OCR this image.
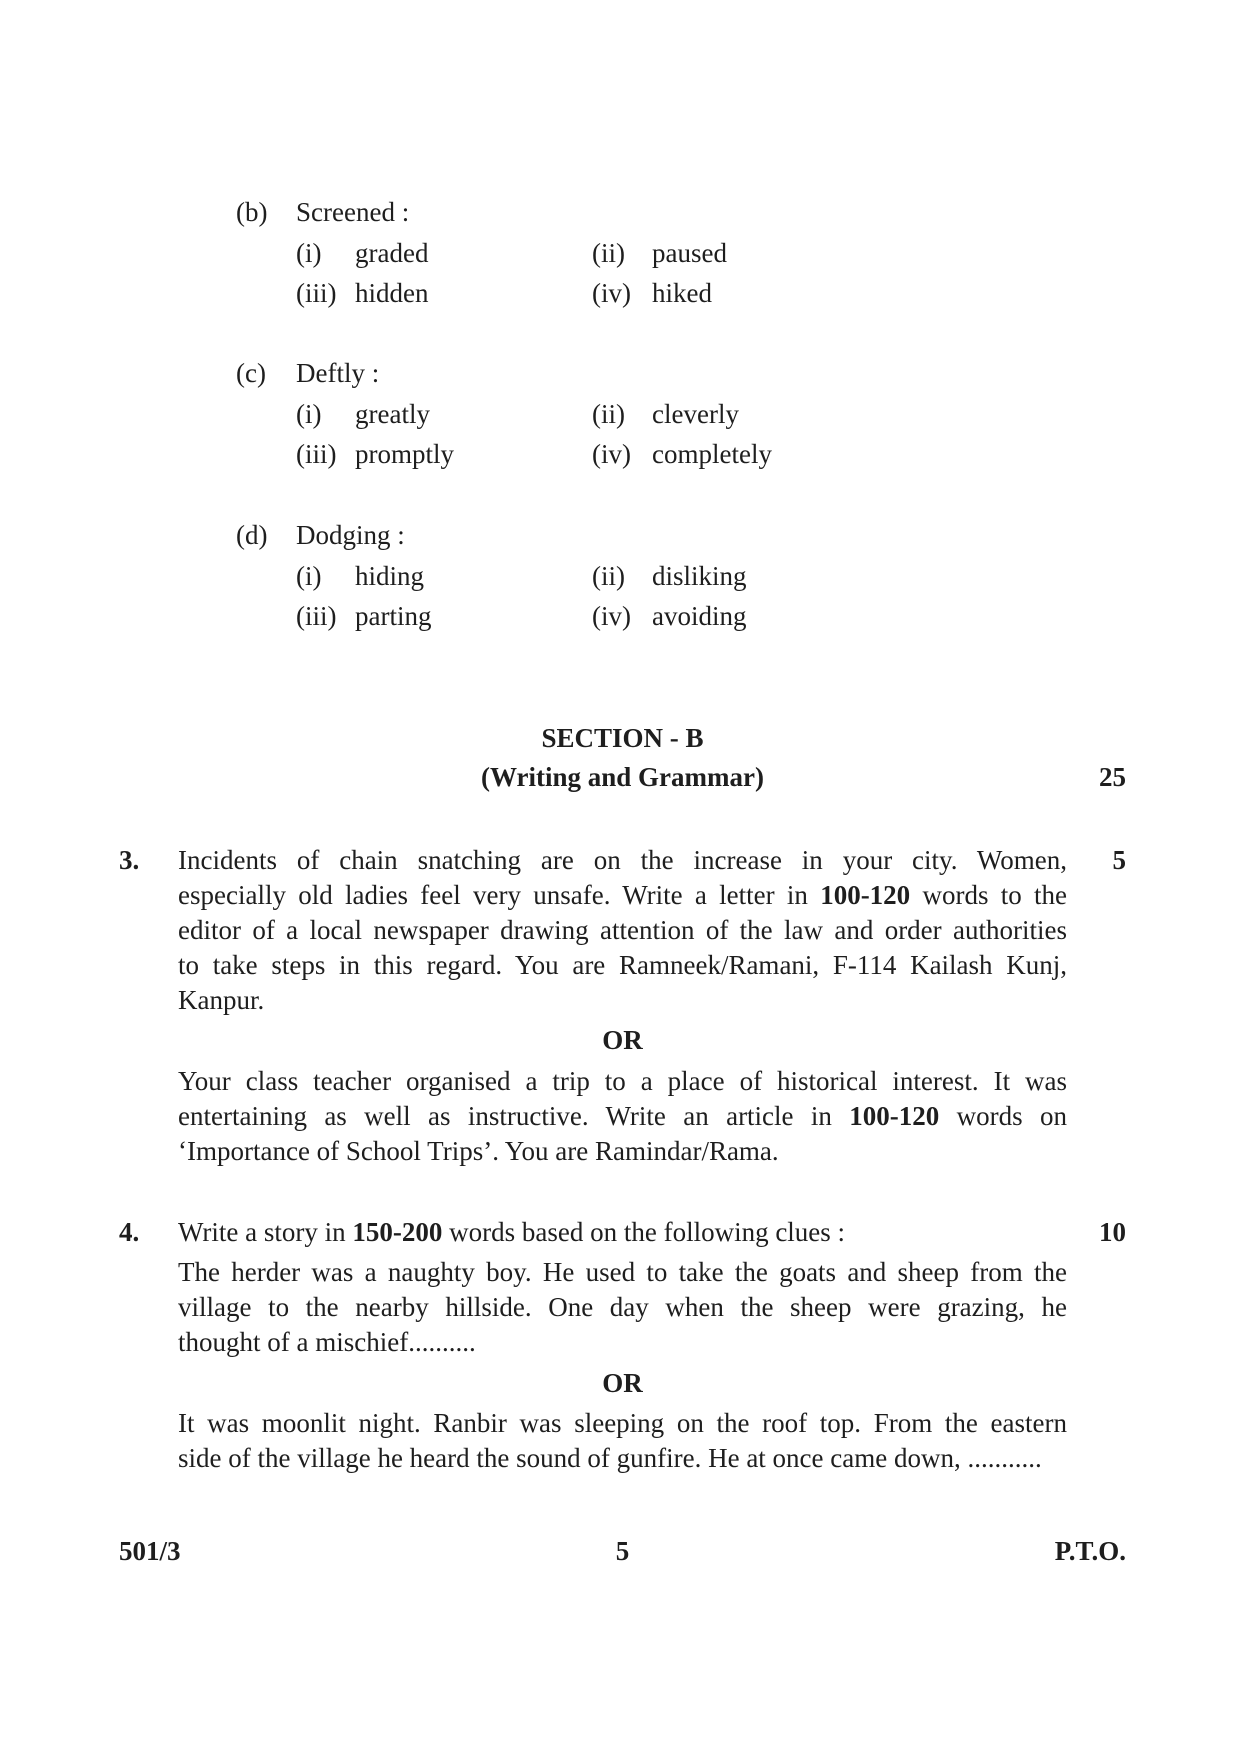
(b) Screened :
(i) graded	(ii) paused
(iii) hidden	(iv) hiked
(c) Deftly :
(i) greatly	(ii) cleverly
(iii) promptly	(iv) completely
(d) Dodging :
(i) hiding	(ii) disliking
(iii) parting	(iv) avoiding
SECTION - B
(Writing and Grammar)	25
3.	5
Incidents of chain snatching are on the increase in your city. Women,
especially old ladies feel very unsafe. Write a letter in 100-120 words to the
editor of a local newspaper drawing attention of the law and order authorities
to take steps in this regard. You are Ramneek/Ramani, F-114 Kailash Kunj,
Kanpur.
OR
Your class teacher organised a trip to a place of historical interest. It was
entertaining as well as instructive. Write an article in 100-120 words on
‘Importance of School Trips’. You are Ramindar/Rama.
4.	10
Write a story in 150-200 words based on the following clues :
The herder was a naughty boy. He used to take the goats and sheep from the
village to the nearby hillside. One day when the sheep were grazing, he
thought of a mischief..........
OR
It was moonlit night. Ranbir was sleeping on the roof top. From the eastern
side of the village he heard the sound of gunfire. He at once came down, ...........
501/3	5	P.T.O.
